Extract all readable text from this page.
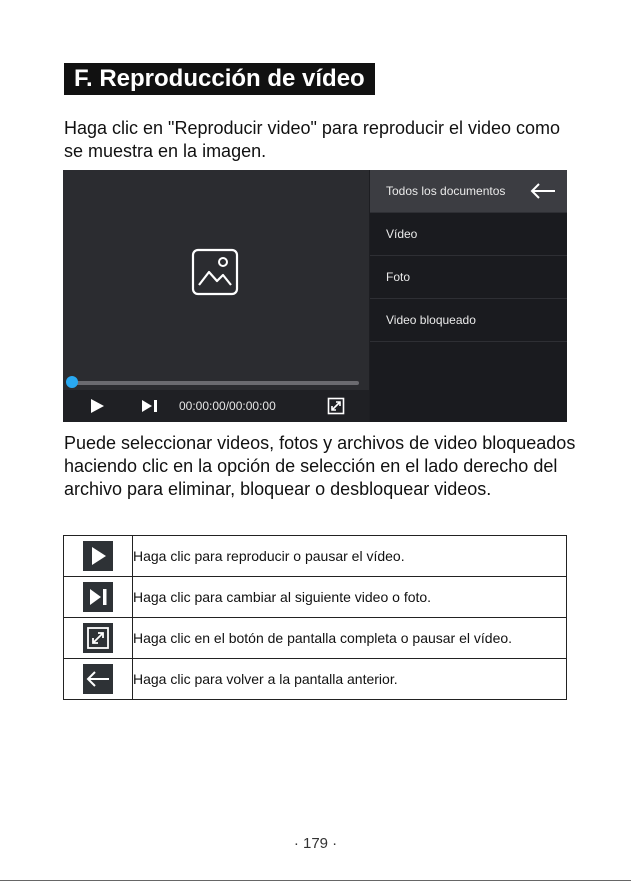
F. Reproducción de vídeo

Haga clic en "Reproducir video" para reproducir el video como se muestra en la imagen.

00:00:00/00:00:00
Todos los documentos
Vídeo
Foto
Video bloqueado

Puede seleccionar videos, fotos y archivos de video bloqueados haciendo clic en la opción de selección en el lado derecho del archivo para eliminar, bloquear o desbloquear videos.

	Haga clic para reproducir o pausar el vídeo.

	Haga clic para cambiar al siguiente video o foto.

	Haga clic en el botón de pantalla completa o pausar el vídeo.

	Haga clic para volver a la pantalla anterior.
· 179 ·
